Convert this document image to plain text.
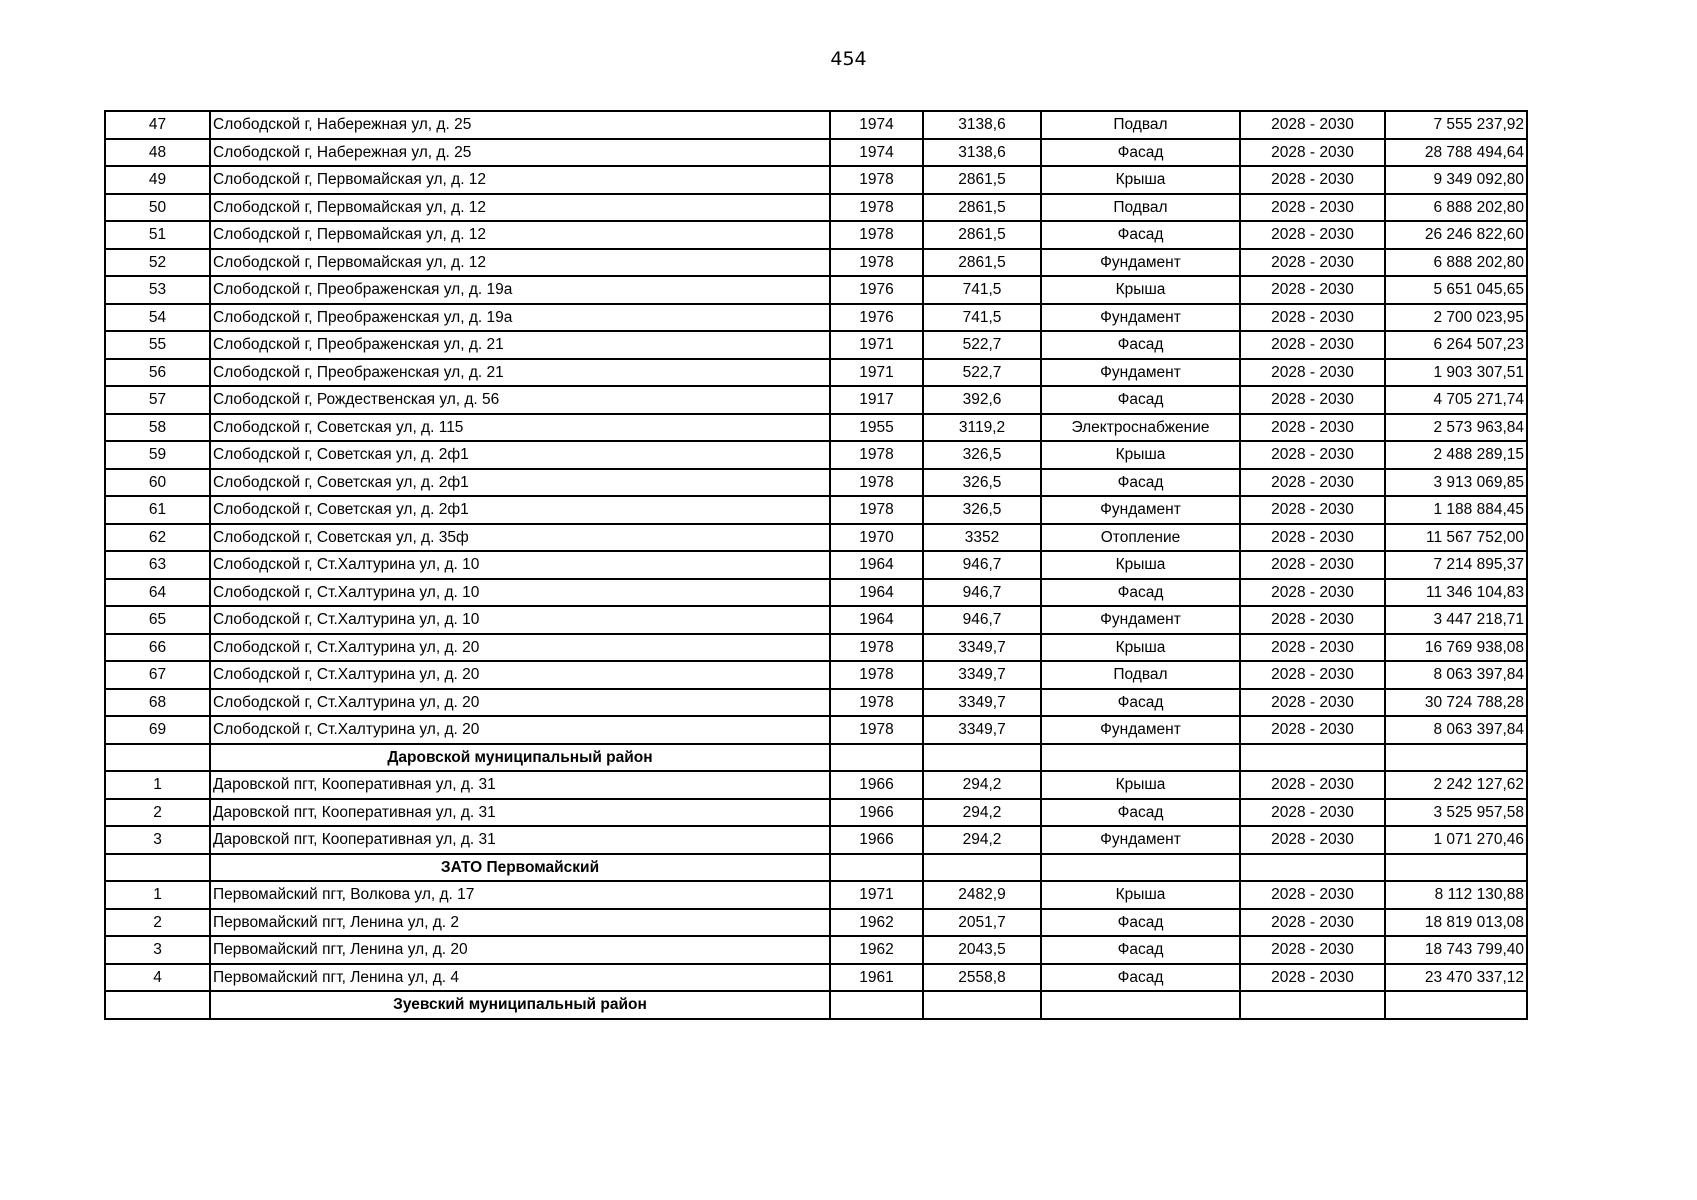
454
47	Слободской г, Набережная ул, д. 25	1974	3138,6	Подвал	2028 - 2030	7 555 237,92
48	Слободской г, Набережная ул, д. 25	1974	3138,6	Фасад	2028 - 2030	28 788 494,64
49	Слободской г, Первомайская ул, д. 12	1978	2861,5	Крыша	2028 - 2030	9 349 092,80
50	Слободской г, Первомайская ул, д. 12	1978	2861,5	Подвал	2028 - 2030	6 888 202,80
51	Слободской г, Первомайская ул, д. 12	1978	2861,5	Фасад	2028 - 2030	26 246 822,60
52	Слободской г, Первомайская ул, д. 12	1978	2861,5	Фундамент	2028 - 2030	6 888 202,80
53	Слободской г, Преображенская ул, д. 19а	1976	741,5	Крыша	2028 - 2030	5 651 045,65
54	Слободской г, Преображенская ул, д. 19а	1976	741,5	Фундамент	2028 - 2030	2 700 023,95
55	Слободской г, Преображенская ул, д. 21	1971	522,7	Фасад	2028 - 2030	6 264 507,23
56	Слободской г, Преображенская ул, д. 21	1971	522,7	Фундамент	2028 - 2030	1 903 307,51
57	Слободской г, Рождественская ул, д. 56	1917	392,6	Фасад	2028 - 2030	4 705 271,74
58	Слободской г, Советская ул, д. 115	1955	3119,2	Электроснабжение	2028 - 2030	2 573 963,84
59	Слободской г, Советская ул, д. 2ф1	1978	326,5	Крыша	2028 - 2030	2 488 289,15
60	Слободской г, Советская ул, д. 2ф1	1978	326,5	Фасад	2028 - 2030	3 913 069,85
61	Слободской г, Советская ул, д. 2ф1	1978	326,5	Фундамент	2028 - 2030	1 188 884,45
62	Слободской г, Советская ул, д. 35ф	1970	3352	Отопление	2028 - 2030	11 567 752,00
63	Слободской г, Ст.Халтурина ул, д. 10	1964	946,7	Крыша	2028 - 2030	7 214 895,37
64	Слободской г, Ст.Халтурина ул, д. 10	1964	946,7	Фасад	2028 - 2030	11 346 104,83
65	Слободской г, Ст.Халтурина ул, д. 10	1964	946,7	Фундамент	2028 - 2030	3 447 218,71
66	Слободской г, Ст.Халтурина ул, д. 20	1978	3349,7	Крыша	2028 - 2030	16 769 938,08
67	Слободской г, Ст.Халтурина ул, д. 20	1978	3349,7	Подвал	2028 - 2030	8 063 397,84
68	Слободской г, Ст.Халтурина ул, д. 20	1978	3349,7	Фасад	2028 - 2030	30 724 788,28
69	Слободской г, Ст.Халтурина ул, д. 20	1978	3349,7	Фундамент	2028 - 2030	8 063 397,84
	Даровской муниципальный район					
1	Даровской пгт, Кооперативная ул, д. 31	1966	294,2	Крыша	2028 - 2030	2 242 127,62
2	Даровской пгт, Кооперативная ул, д. 31	1966	294,2	Фасад	2028 - 2030	3 525 957,58
3	Даровской пгт, Кооперативная ул, д. 31	1966	294,2	Фундамент	2028 - 2030	1 071 270,46
	ЗАТО Первомайский					
1	Первомайский пгт, Волкова ул, д. 17	1971	2482,9	Крыша	2028 - 2030	8 112 130,88
2	Первомайский пгт, Ленина ул, д. 2	1962	2051,7	Фасад	2028 - 2030	18 819 013,08
3	Первомайский пгт, Ленина ул, д. 20	1962	2043,5	Фасад	2028 - 2030	18 743 799,40
4	Первомайский пгт, Ленина ул, д. 4	1961	2558,8	Фасад	2028 - 2030	23 470 337,12
	Зуевский муниципальный район					
